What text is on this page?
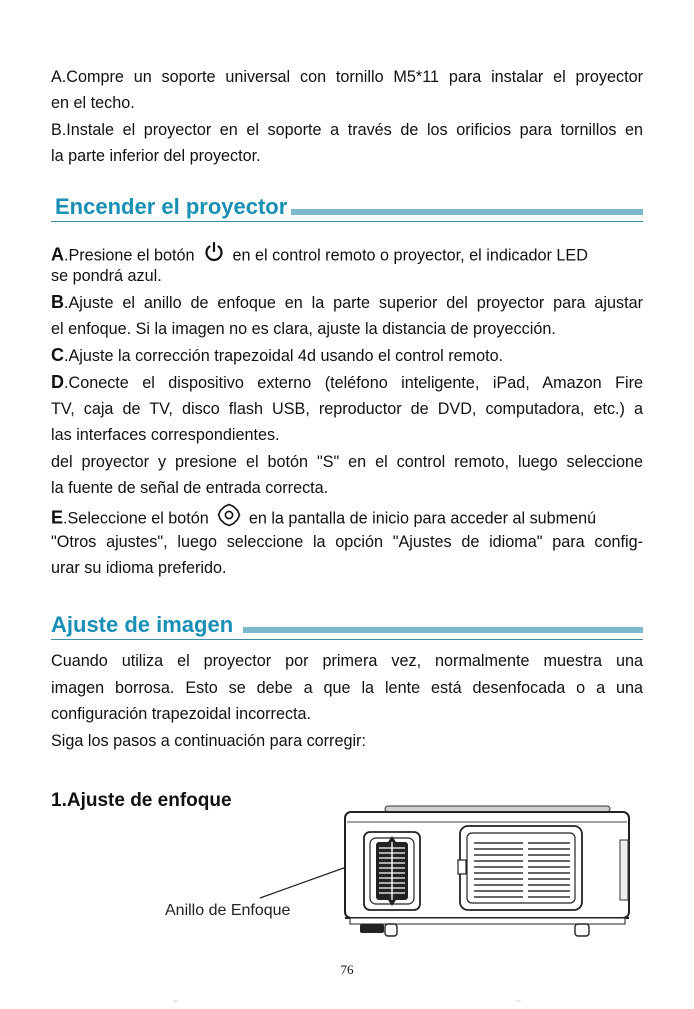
A.Compre un soporte universal con tornillo M5*11 para instalar el proyector
en el techo.
B.Instale el proyector en el soporte a través de los orificios para tornillos en
la parte inferior del proyector.
Encender el proyector
A.Presione el botón en el control remoto o proyector, el indicador LED
se pondrá azul.
B.Ajuste el anillo de enfoque en la parte superior del proyector para ajustar
el enfoque. Si la imagen no es clara, ajuste la distancia de proyección.
C.Ajuste la corrección trapezoidal 4d usando el control remoto.
D.Conecte el dispositivo externo (teléfono inteligente, iPad, Amazon Fire
TV, caja de TV, disco flash USB, reproductor de DVD, computadora, etc.) a
las interfaces correspondientes.
del proyector y presione el botón "S" en el control remoto, luego seleccione
la fuente de señal de entrada correcta.
E.Seleccione el botón en la pantalla de inicio para acceder al submenú
"Otros ajustes", luego seleccione la opción "Ajustes de idioma" para config-
urar su idioma preferido.
Ajuste de imagen
Cuando utiliza el proyector por primera vez, normalmente muestra una
imagen borrosa. Esto se debe a que la lente está desenfocada o a una
configuración trapezoidal incorrecta.
Siga los pasos a continuación para corregir:
1.Ajuste de enfoque
Anillo de Enfoque
76
